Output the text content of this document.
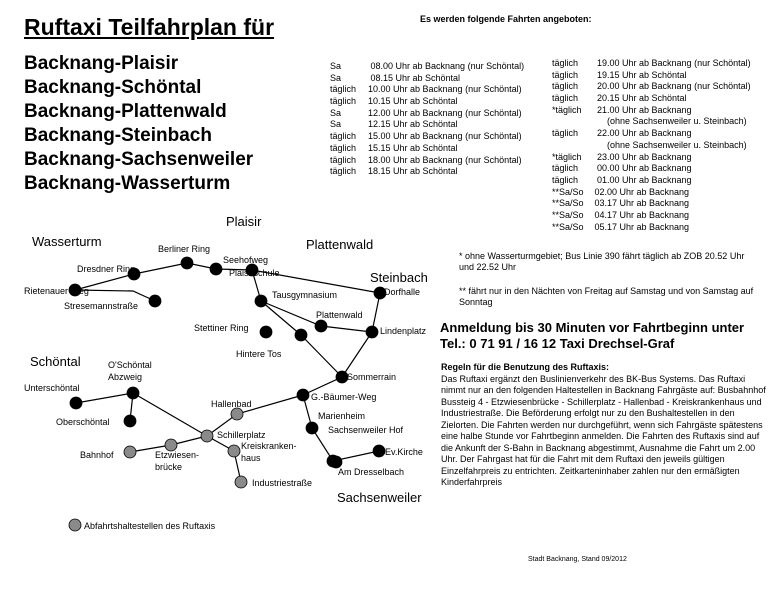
Ruftaxi Teilfahrplan für
Backnang-Plaisir
Backnang-Schöntal
Backnang-Plattenwald
Backnang-Steinbach
Backnang-Sachsenweiler
Backnang-Wasserturm
Es werden folgende Fahrten angeboten:
Sa	08.00 Uhr ab Backnang (nur Schöntal)
Sa	08.15 Uhr ab Schöntal
täglich 10.00 Uhr ab Backnang (nur Schöntal)
täglich 10.15 Uhr ab Schöntal
Sa	12.00 Uhr ab Backnang (nur Schöntal)
Sa	12.15 Uhr ab Schöntal
täglich 15.00 Uhr ab Backnang (nur Schöntal)
täglich 15.15 Uhr ab Schöntal
täglich 18.00 Uhr ab Backnang (nur Schöntal)
täglich 18.15 Uhr ab Schöntal
täglich  19.00 Uhr ab Backnang (nur Schöntal)
täglich  19.15 Uhr ab Schöntal
täglich  20.00 Uhr ab Backnang (nur Schöntal)
täglich  20.15 Uhr ab Schöntal
*täglich  21.00 Uhr ab Backnang
(ohne Sachsenweiler u. Steinbach)
täglich  22.00 Uhr ab Backnang
(ohne Sachsenweiler u. Steinbach)
*täglich  23.00 Uhr ab Backnang
täglich  00.00 Uhr ab Backnang
täglich  01.00 Uhr ab Backnang
**Sa/So 02.00 Uhr ab Backnang
**Sa/So 03.17 Uhr ab Backnang
**Sa/So 04.17 Uhr ab Backnang
**Sa/So 05.17 Uhr ab Backnang
* ohne Wasserturmgebiet; Bus Linie 390 fährt täglich ab ZOB 20.52 Uhr und 22.52 Uhr
** fährt nur in den Nächten von Freitag auf Samstag und von Samstag auf Sonntag
Anmeldung bis 30 Minuten vor Fahrtbeginn unter
Tel.: 0 71 91 / 16 12 Taxi Drechsel-Graf
Regeln für die Benutzung des Ruftaxis:
Das Ruftaxi ergänzt den Buslinienverkehr des BK-Bus Systems. Das Ruftaxi nimmt nur an den folgenden Haltestellen in Backnang Fahrgäste auf: Busbahnhof Bussteig 4 - Etzwiesenbrücke - Schillerplatz - Hallenbad - Kreiskrankenhaus und Industriestraße. Die Beförderung erfolgt nur zu den Bushaltestellen in den Zielorten. Die Fahrten werden nur durchgeführt, wenn sich Fahrgäste spätestens eine halbe Stunde vor Fahrtbeginn anmelden. Die Fahrten des Ruftaxis sind auf die Ankunft der S-Bahn in Backnang abgestimmt, Ausnahme die Fahrt um 2.00 Uhr. Der Fahrgast hat für die Fahrt mit dem Ruftaxi den jeweils gültigen Einzelfahrpreis zu entrichten. Zeitkarteninhaber zahlen nur den ermäßigten Kinderfahrpreis
Stadt Backnang, Stand 09/2012
Plaisir
Wasserturm	Plattenwald
Steinbach
Schöntal
Sachsenweiler
Berliner Ring
Dresdner Ring
Seehofweg
Plaisirschule
Rietenauer Weg
Stresemannstraße
Tausgymnasium	Dorfhalle
Plattenwald
Stettiner Ring	Lindenplatz
Hintere Tos
Sommerrain
O'Schöntal
Abzweig
Unterschöntal
Oberschöntal
G.-Bäumer-Weg
Hallenbad
Marienheim
Sachsenweiler Hof
Schillerplatz
Kreiskranken-
haus
Bahnhof	Etzwiesen-
brücke
Ev.Kirche
Am Dresselbach
Industriestraße
Abfahrtshaltestellen des Ruftaxis
